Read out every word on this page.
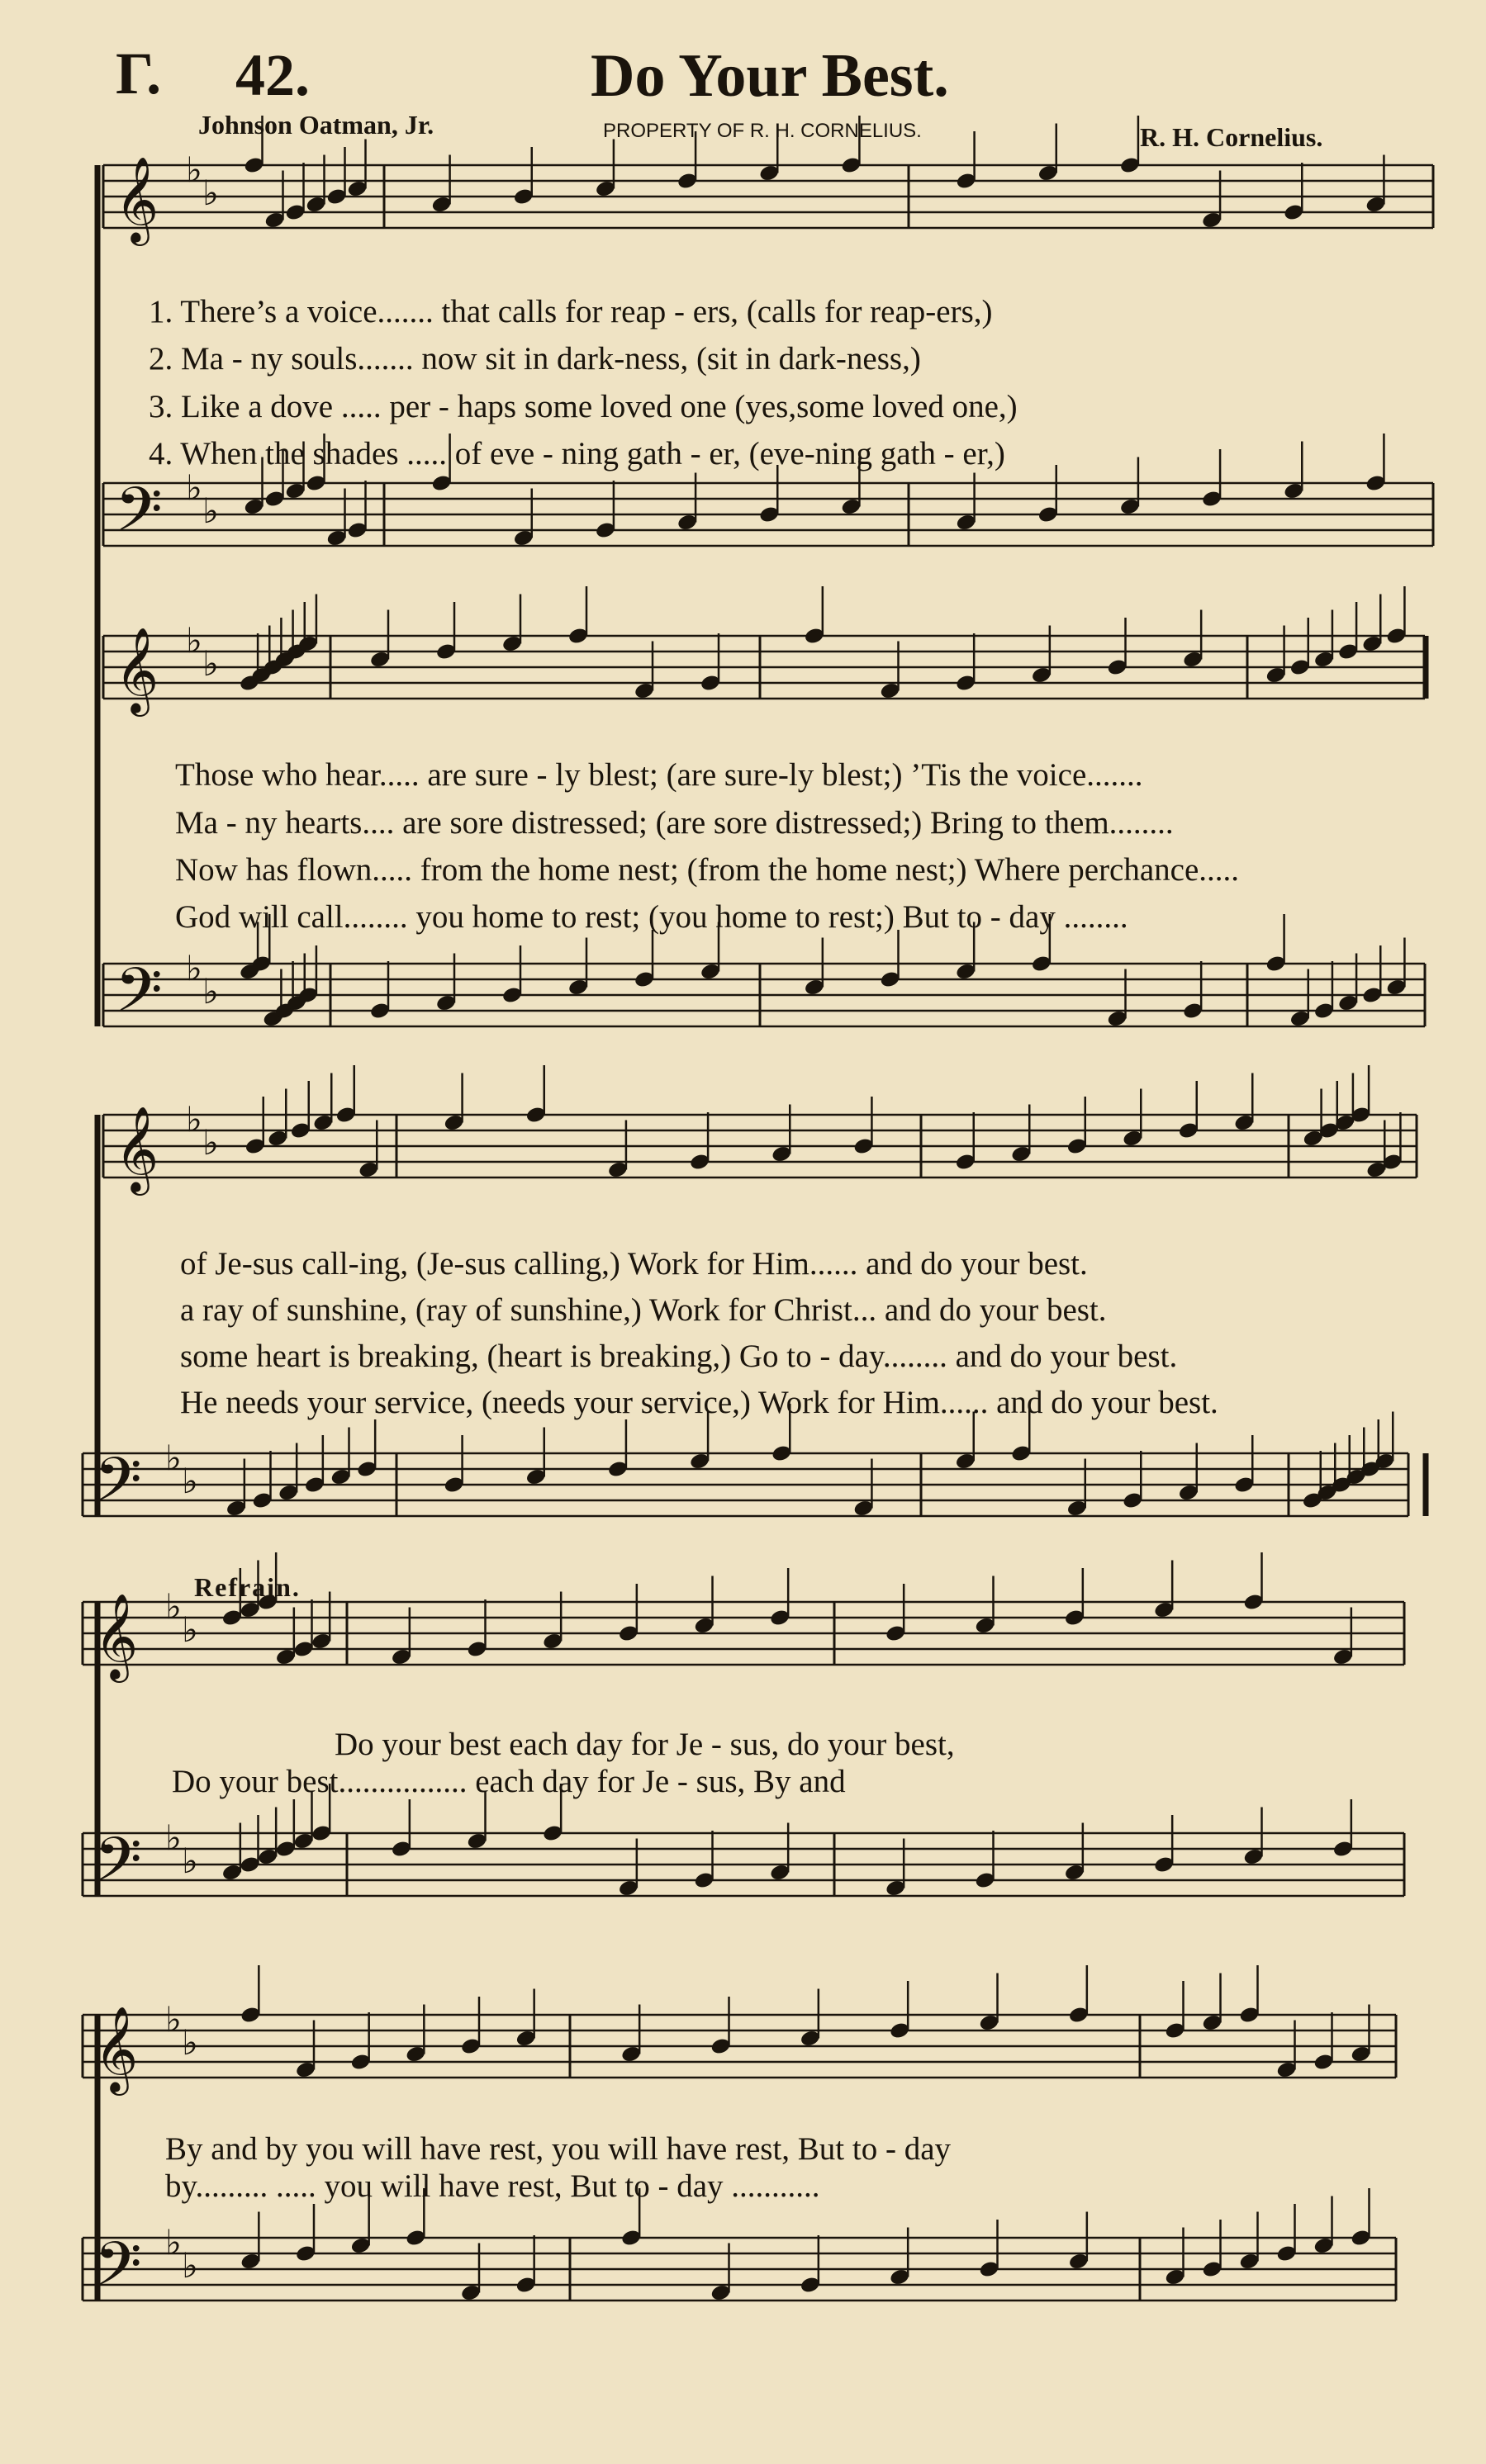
Γ. 42.	Do Your Best.
Johnson Oatman, Jr.	PROPERTY OF R. H. CORNELIUS.	R. H. Cornelius.
𝄞 ♭
♭
𝄢 ♭
♭
𝄞 ♭
♭
𝄢 ♭
♭
𝄞 ♭
♭
𝄢 ♭
♭
𝄞 ♭
♭
𝄢 ♭
♭
𝄞 ♭
♭
𝄢 ♭
♭
1. There’s a voice....... that calls for reap - ers, (calls for reap-ers,)
2. Ma - ny souls....... now sit in dark-ness, (sit in dark-ness,)
3. Like a dove ..... per - haps some loved one (yes,some loved one,)
4. When the shades ..... of eve - ning gath - er, (eve-ning gath - er,)
Those who hear..... are sure - ly blest; (are sure-ly blest;) ’Tis the voice.......
Ma - ny hearts.... are sore distressed; (are sore distressed;) Bring to them........
Now has flown..... from the home nest; (from the home nest;) Where perchance.....
God will call........ you home to rest; (you home to rest;) But to - day ........
of Je-sus call-ing, (Je-sus calling,) Work for Him...... and do your best.
a ray of sunshine, (ray of sunshine,) Work for Christ... and do your best.
some heart is breaking, (heart is breaking,) Go to - day........ and do your best.
He needs your service, (needs your service,) Work for Him...... and do your best.
Refrain.
Do your best each day for Je - sus, do your best,
Do your best................ each day for Je - sus, By and
By and by you will have rest, you will have rest, But to - day
by......... ..... you will have rest, But to - day ...........
